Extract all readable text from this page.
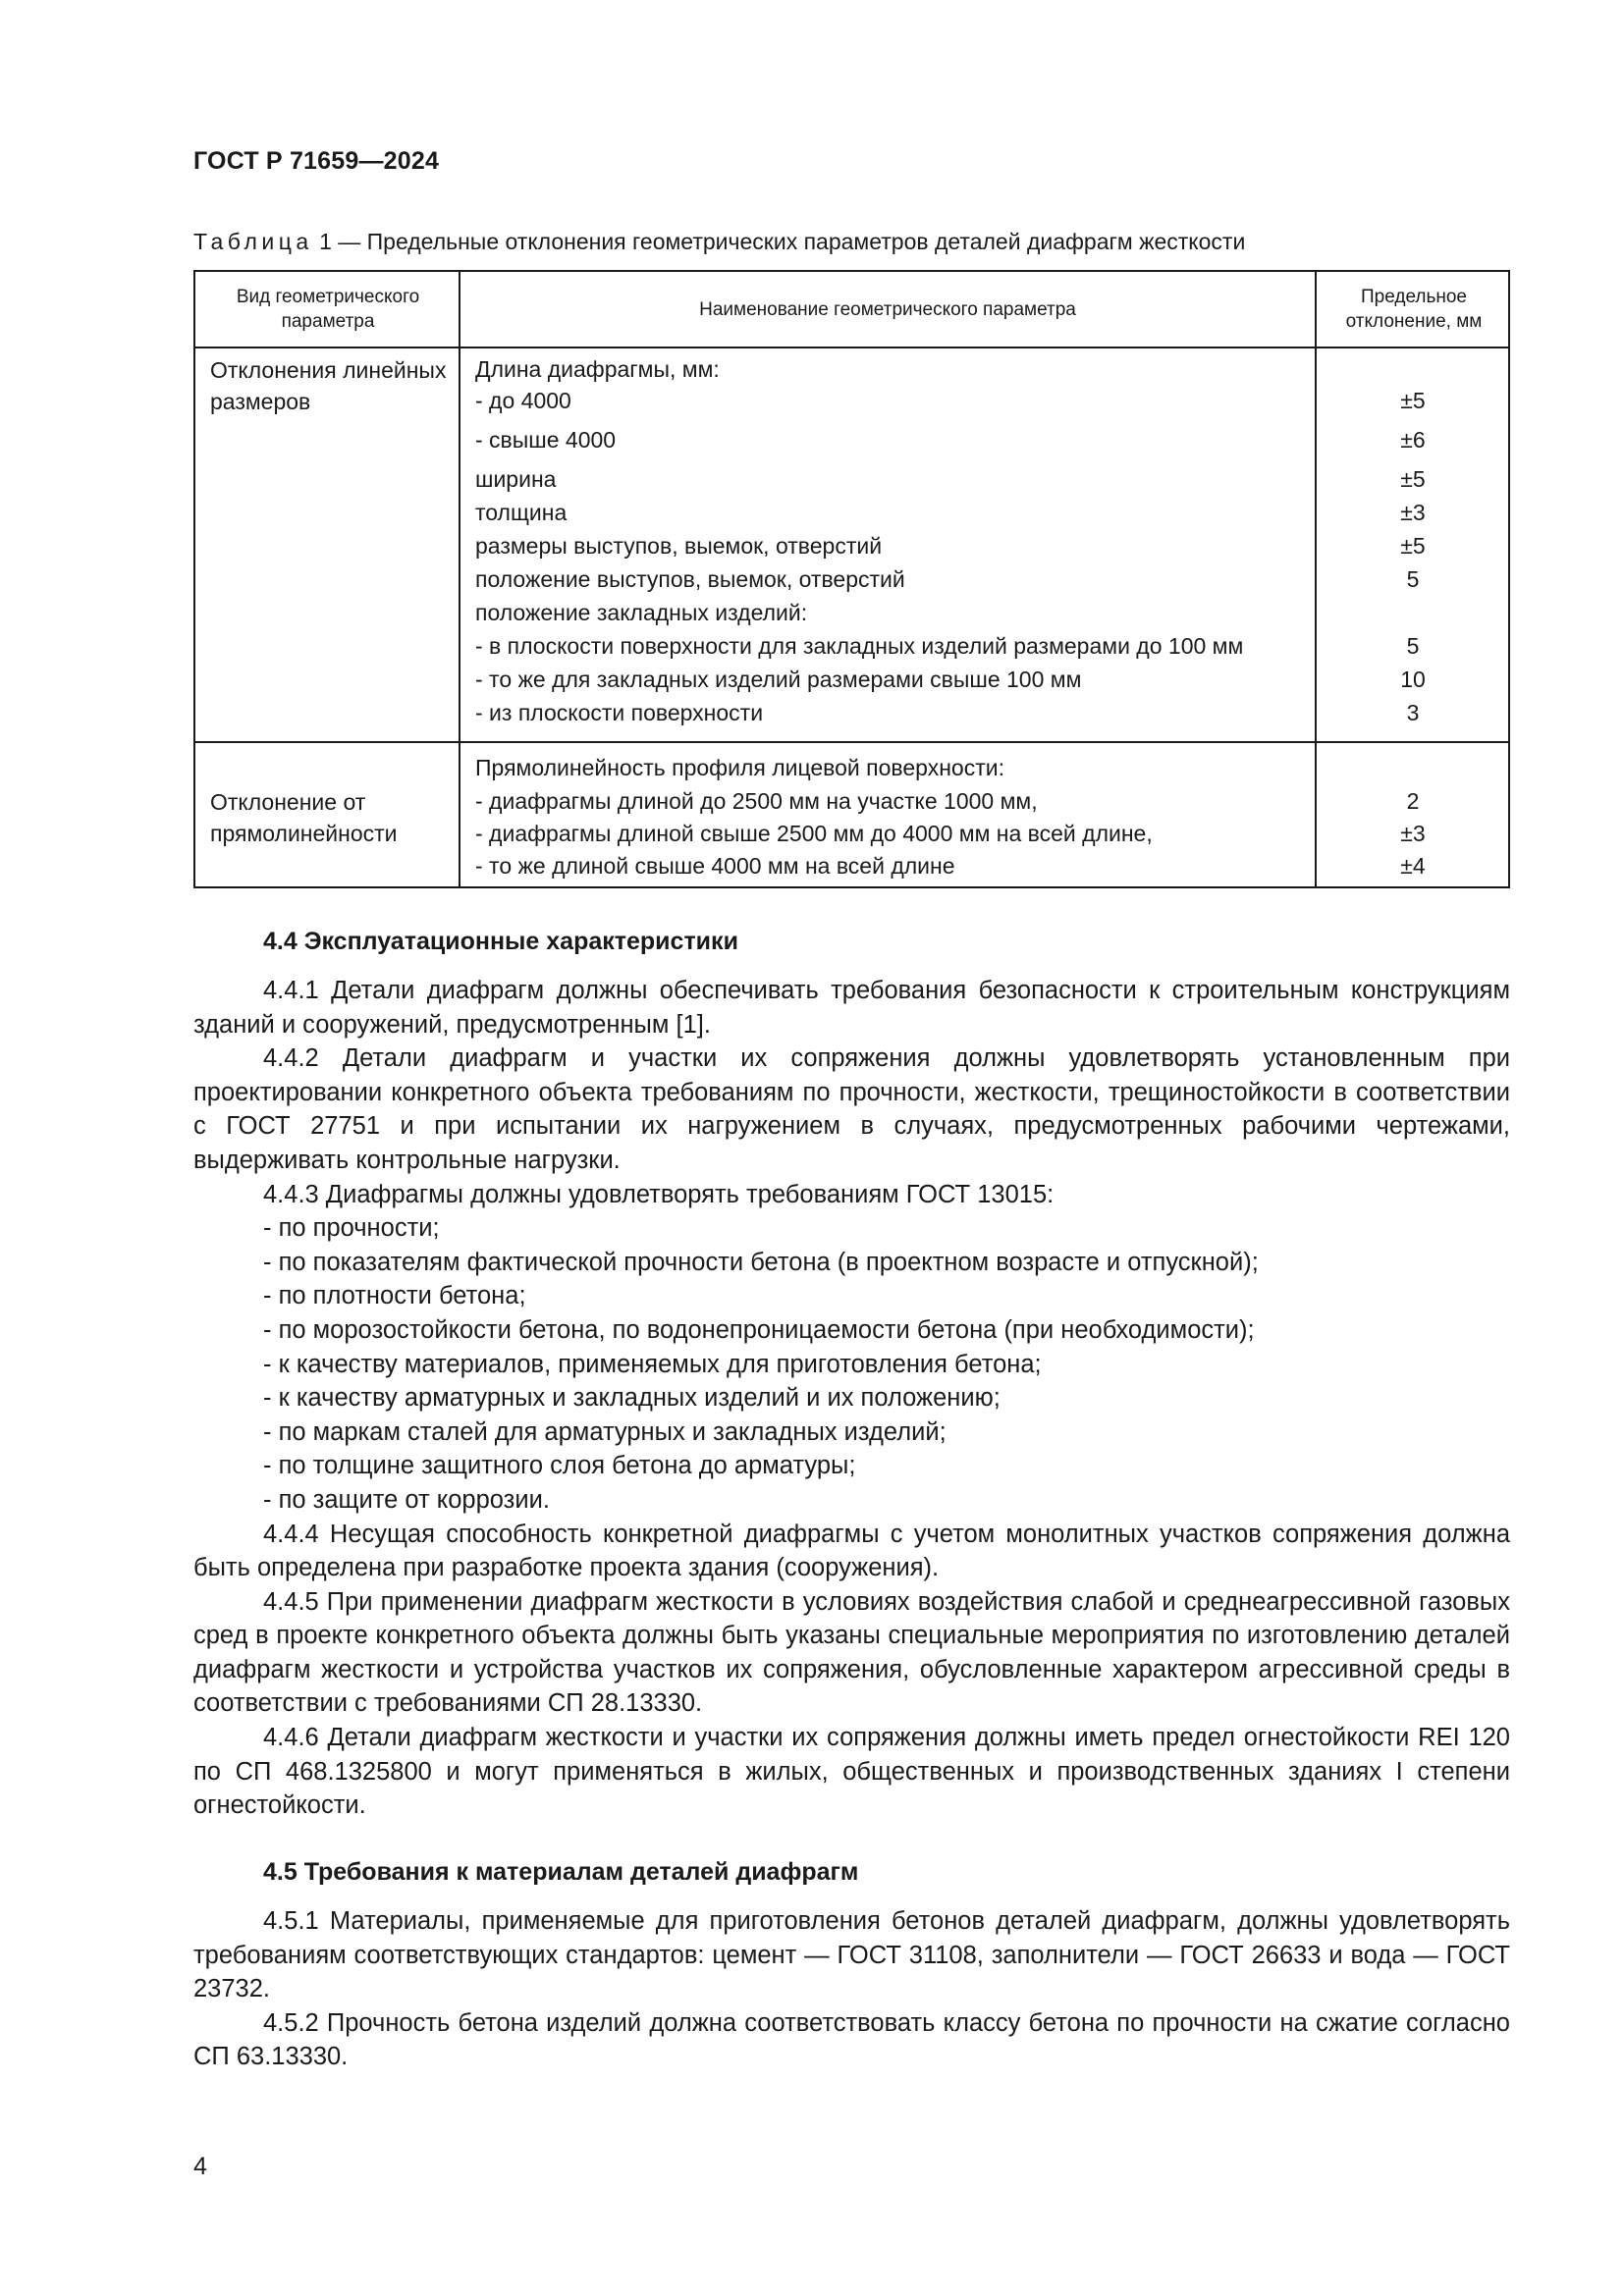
ГОСТ Р 71659—2024
Таблица 1 — Предельные отклонения геометрических параметров деталей диафрагм жесткости
Вид геометрического параметра
Наименование геометрического параметра
Предельное отклонение, мм
Отклонения линейных размеров
Длина диафрагмы, мм:
- до 4000
- свыше 4000
ширина
толщина
размеры выступов, выемок, отверстий
положение выступов, выемок, отверстий
положение закладных изделий:
- в плоскости поверхности для закладных изделий размерами до 100 мм
- то же для закладных изделий размерами свыше 100 мм
- из плоскости поверхности
±5
±6
±5
±3
±5
5
5
10
3
Отклонение от прямолинейности
Прямолинейность профиля лицевой поверхности:
- диафрагмы длиной до 2500 мм на участке 1000 мм,
- диафрагмы длиной свыше 2500 мм до 4000 мм на всей длине,
- то же длиной свыше 4000 мм на всей длине
2
±3
±4
4.4 Эксплуатационные характеристики

4.4.1 Детали диафрагм должны обеспечивать требования безопасности к строительным конструкциям зданий и сооружений, предусмотренным [1].

4.4.2 Детали диафрагм и участки их сопряжения должны удовлетворять установленным при проектировании конкретного объекта требованиям по прочности, жесткости, трещиностойкости в соответствии с ГОСТ 27751 и при испытании их нагружением в случаях, предусмотренных рабочими чертежами, выдерживать контрольные нагрузки.

4.4.3 Диафрагмы должны удовлетворять требованиям ГОСТ 13015:

- по прочности;

- по показателям фактической прочности бетона (в проектном возрасте и отпускной);

- по плотности бетона;

- по морозостойкости бетона, по водонепроницаемости бетона (при необходимости);

- к качеству материалов, применяемых для приготовления бетона;

- к качеству арматурных и закладных изделий и их положению;

- по маркам сталей для арматурных и закладных изделий;

- по толщине защитного слоя бетона до арматуры;

- по защите от коррозии.

4.4.4 Несущая способность конкретной диафрагмы с учетом монолитных участков сопряжения должна быть определена при разработке проекта здания (сооружения).

4.4.5 При применении диафрагм жесткости в условиях воздействия слабой и среднеагрессивной газовых сред в проекте конкретного объекта должны быть указаны специальные мероприятия по изготовлению деталей диафрагм жесткости и устройства участков их сопряжения, обусловленные характером агрессивной среды в соответствии с требованиями СП 28.13330.

4.4.6 Детали диафрагм жесткости и участки их сопряжения должны иметь предел огнестойкости REI 120 по СП 468.1325800 и могут применяться в жилых, общественных и производственных зданиях I степени огнестойкости.

4.5 Требования к материалам деталей диафрагм

4.5.1 Материалы, применяемые для приготовления бетонов деталей диафрагм, должны удовлетворять требованиям соответствующих стандартов: цемент — ГОСТ 31108, заполнители — ГОСТ 26633 и вода — ГОСТ 23732.

4.5.2 Прочность бетона изделий должна соответствовать классу бетона по прочности на сжатие согласно СП 63.13330.

4
